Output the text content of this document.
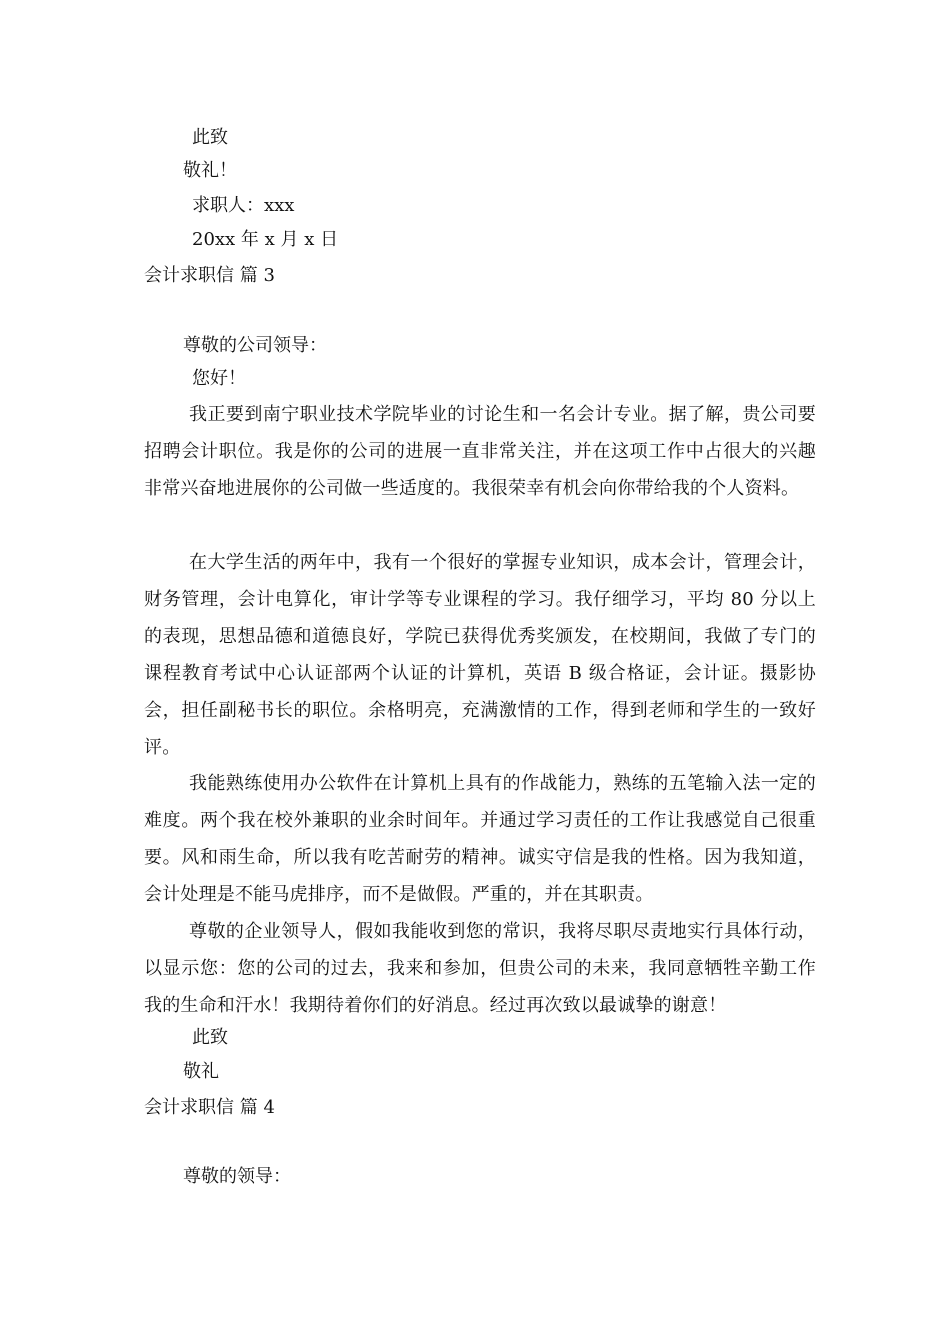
此致
敬礼！
求职人：xxx
20xx 年 x 月 x 日
会计求职信 篇 3
尊敬的公司领导：
您好！

我正要到南宁职业技术学院毕业的讨论生和一名会计专业。据了解，贵公司要招聘会计职位。我是你的公司的进展一直非常关注，并在这项工作中占很大的兴趣非常兴奋地进展你的公司做一些适度的。我很荣幸有机会向你带给我的个人资料。

在大学生活的两年中，我有一个很好的掌握专业知识，成本会计，管理会计，财务管理，会计电算化，审计学等专业课程的学习。我仔细学习，平均 80 分以上的表现，思想品德和道德良好，学院已获得优秀奖颁发，在校期间，我做了专门的课程教育考试中心认证部两个认证的计算机，英语 B 级合格证，会计证。摄影协会，担任副秘书长的职位。余格明亮，充满激情的工作，得到老师和学生的一致好评。

我能熟练使用办公软件在计算机上具有的作战能力，熟练的五笔输入法一定的难度。两个我在校外兼职的业余时间年。并通过学习责任的工作让我感觉自己很重要。风和雨生命，所以我有吃苦耐劳的精神。诚实守信是我的性格。因为我知道，会计处理是不能马虎排序，而不是做假。严重的，并在其职责。

尊敬的企业领导人，假如我能收到您的常识，我将尽职尽责地实行具体行动，以显示您：您的公司的过去，我来和参加，但贵公司的未来，我同意牺牲辛勤工作我的生命和汗水！我期待着你们的好消息。经过再次致以最诚挚的谢意！

此致
敬礼
会计求职信 篇 4
尊敬的领导：
